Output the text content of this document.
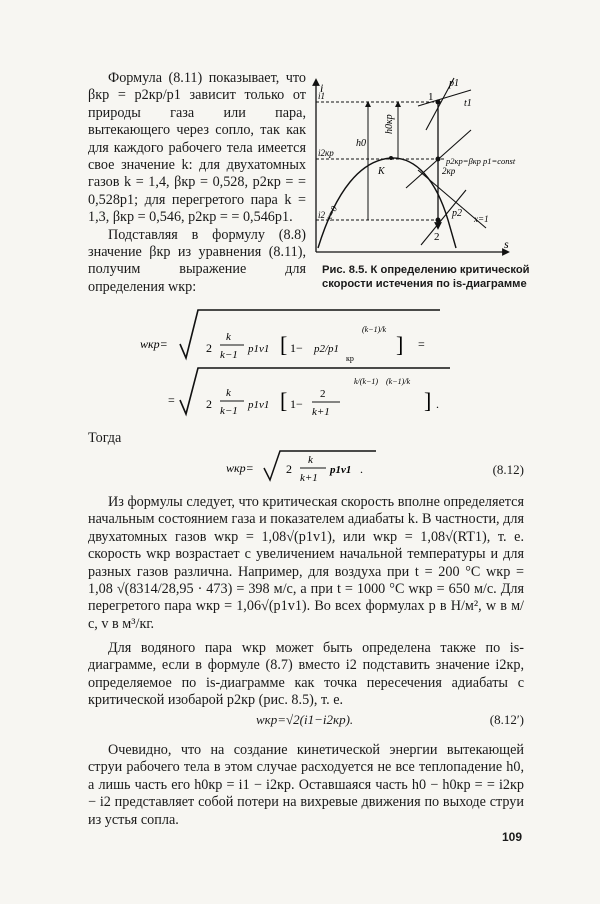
Формула (8.11) показывает, что βкр = p2кр/p1 зависит только от природы газа или пара, вытекающего через сопло, так как для каждого рабочего тела имеется свое значение k: для двухатомных газов k = 1,4, βкр = 0,528, p2кр = = 0,528p1; для перегретого пара k = 1,3, βкр = 0,546, p2кр = = 0,546p1.

Подставляя в формулу (8.8) значение βкр из уравнения (8.11), получим выражение для определения wкр:

i
s
i1
i2кр
i2
1
p1
t1
2кр
p2кр=βкр p1=const
2
p2 x=1
K
x=0
h0
h0кр
Рис. 8.5. К определению критической скорости истечения по is-диаграмме
wкр=	2
k
k−1 p1v1 [ 1− p2/p1
кр
(k−1)/k
] =
=	2
k
k−1 p1v1 [ 1−
2
k+1
k/(k−1) (k−1)/k
] .
Тогда
wкр=	2
k
k+1
p1v1 .	(8.12)

Из формулы следует, что критическая скорость вполне определяется начальным состоянием газа и показателем адиабаты k. В частности, для двухатомных газов wкр = 1,08√(p1v1), или wкр = 1,08√(RT1), т. е. скорость wкр возрастает с увеличением начальной температуры и для разных газов различна. Например, для воздуха при t = 200 °C wкр = 1,08 √(8314/28,95 · 473) = 398 м/с, а при t = 1000 °C wкр = 650 м/с. Для перегретого пара wкр = 1,06√(p1v1). Во всех формулах p в Н/м², w в м/с, v в м³/кг.

Для водяного пара wкр может быть определена также по is-диаграмме, если в формуле (8.7) вместо i2 подставить значение i2кр, определяемое по is-диаграмме как точка пересечения адиабаты с критической изобарой p2кр (рис. 8.5), т. е.

wкр=√2(i1−i2кр).	(8.12′)

Очевидно, что на создание кинетической энергии вытекающей струи рабочего тела в этом случае расходуется не все теплопадение h0, а лишь часть его h0кр = i1 − i2кр. Оставшаяся часть h0 − h0кр = = i2кр − i2 представляет собой потери на вихревые движения по выходе струи из устья сопла.

109
